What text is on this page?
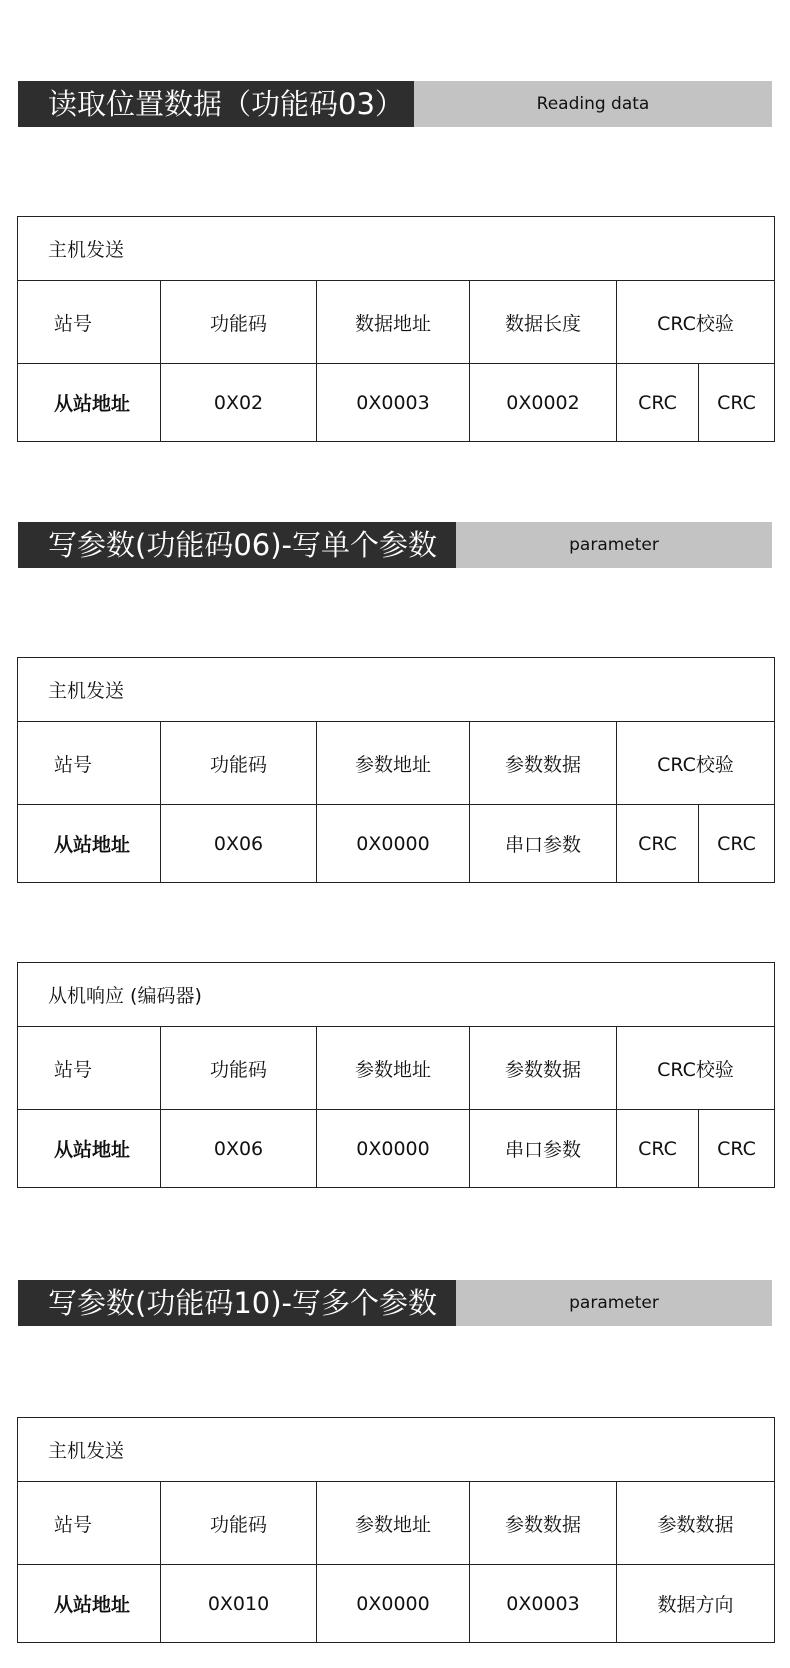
读取位置数据（功能码03）	Reading data
主机发送					
站号	功能码	数据地址	数据长度	CRC校验	
从站地址	0X02	0X0003	0X0002	CRC	CRC
写参数(功能码06)-写单个参数	parameter
主机发送					
站号	功能码	参数地址	参数数据	CRC校验	
从站地址	0X06	0X0000	串口参数	CRC	CRC
从机响应 (编码器)					
站号	功能码	参数地址	参数数据	CRC校验	
从站地址	0X06	0X0000	串口参数	CRC	CRC
写参数(功能码10)-写多个参数	parameter
主机发送				
站号	功能码	参数地址	参数数据	参数数据
从站地址	0X010	0X0000	0X0003	数据方向
